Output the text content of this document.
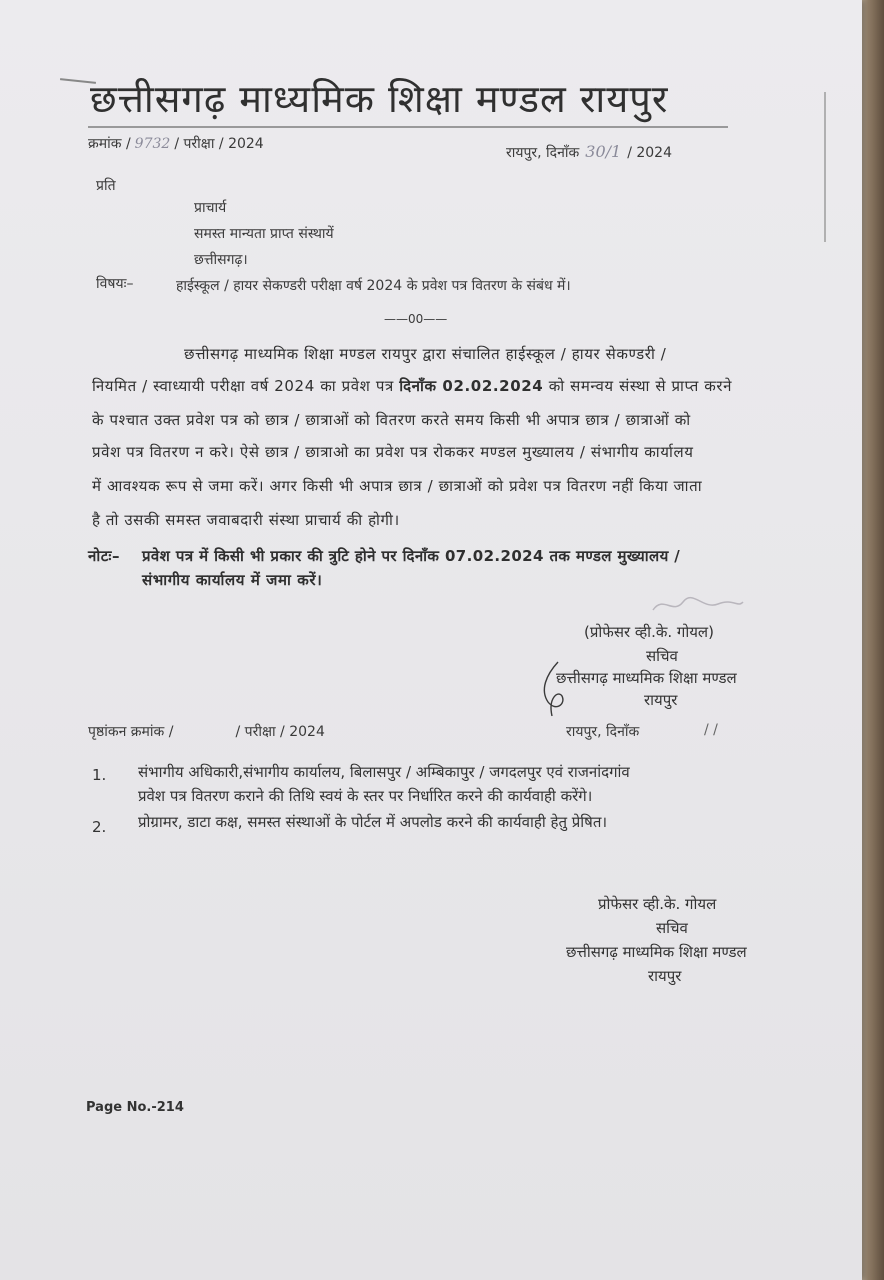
छत्तीसगढ़ माध्यमिक शिक्षा मण्डल रायपुर
क्रमांक / 9732 / परीक्षा / 2024
रायपुर, दिनाँक 30/1 / 2024
प्रति
प्राचार्य
समस्त मान्यता प्राप्त संस्थायें
छत्तीसगढ़।
विषयः–	हाईस्कूल / हायर सेकण्डरी परीक्षा वर्ष 2024 के प्रवेश पत्र वितरण के संबंध में।
——00——
छत्तीसगढ़ माध्यमिक शिक्षा मण्डल रायपुर द्वारा संचालित हाईस्कूल / हायर सेकण्डरी /
नियमित / स्वाध्यायी परीक्षा वर्ष 2024 का प्रवेश पत्र दिनाँक 02.02.2024 को समन्वय संस्था से प्राप्त करने
के पश्चात उक्त प्रवेश पत्र को छात्र / छात्राओं को वितरण करते समय किसी भी अपात्र छात्र / छात्राओं को
प्रवेश पत्र वितरण न करे। ऐसे छात्र / छात्राओ का प्रवेश पत्र रोककर मण्डल मुख्यालय / संभागीय कार्यालय
में आवश्यक रूप से जमा करें। अगर किसी भी अपात्र छात्र / छात्राओं को प्रवेश पत्र वितरण नहीं किया जाता
है तो उसकी समस्त जवाबदारी संस्था प्राचार्य की होगी।
नोटः– प्रवेश पत्र में किसी भी प्रकार की त्रुटि होने पर दिनाँक 07.02.2024 तक मण्डल मुख्यालय /
संभागीय कार्यालय में जमा करें।
(प्रोफेसर व्ही.के. गोयल)
सचिव
छत्तीसगढ़ माध्यमिक शिक्षा मण्डल
रायपुर
पृष्ठांकन क्रमांक /	/ परीक्षा / 2024	रायपुर, दिनाँक	/ /
1. संभागीय अधिकारी,संभागीय कार्यालय, बिलासपुर / अम्बिकापुर / जगदलपुर एवं राजनांदगांव
प्रवेश पत्र वितरण कराने की तिथि स्वयं के स्तर पर निर्धारित करने की कार्यवाही करेंगे।
2. प्रोग्रामर, डाटा कक्ष, समस्त संस्थाओं के पोर्टल में अपलोड करने की कार्यवाही हेतु प्रेषित।
प्रोफेसर व्ही.के. गोयल
सचिव
छत्तीसगढ़ माध्यमिक शिक्षा मण्डल
रायपुर
Page No.-214
